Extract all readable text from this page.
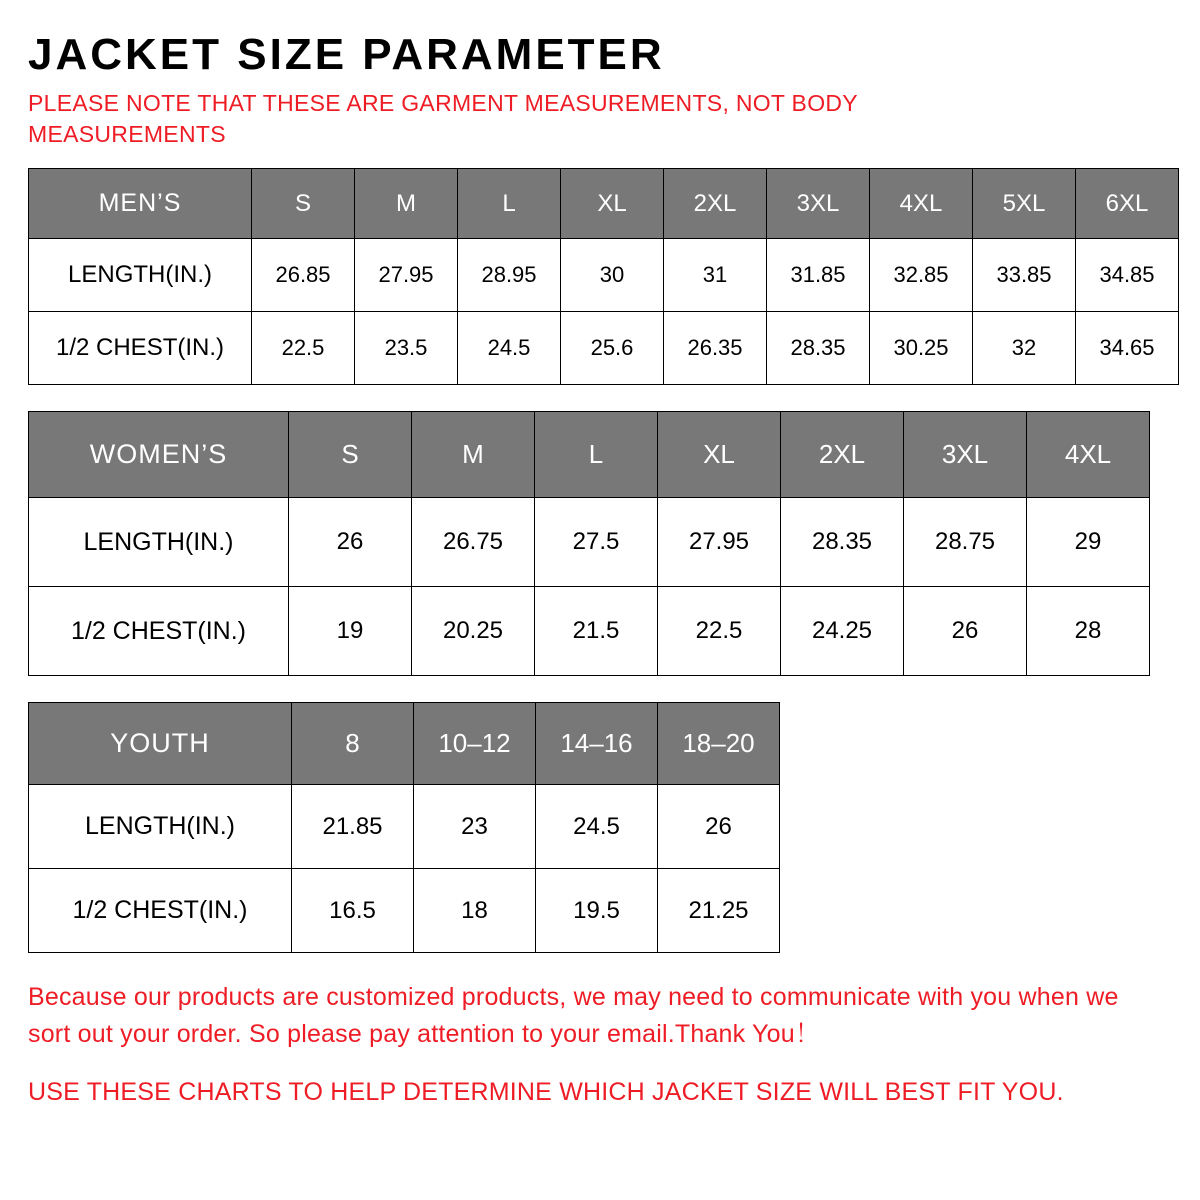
JACKET SIZE PARAMETER
PLEASE NOTE THAT THESE ARE GARMENT MEASUREMENTS, NOT BODY MEASUREMENTS
MEN’S	S	M	L	XL	2XL	3XL	4XL	5XL	6XL
LENGTH(IN.)	26.85	27.95	28.95	30	31	31.85	32.85	33.85	34.85
1/2 CHEST(IN.)	22.5	23.5	24.5	25.6	26.35	28.35	30.25	32	34.65
WOMEN’S	S	M	L	XL	2XL	3XL	4XL
LENGTH(IN.)	26	26.75	27.5	27.95	28.35	28.75	29
1/2 CHEST(IN.)	19	20.25	21.5	22.5	24.25	26	28
YOUTH	8	10–12	14–16	18–20
LENGTH(IN.)	21.85	23	24.5	26
1/2 CHEST(IN.)	16.5	18	19.5	21.25
Because our products are customized products, we may need to communicate with you when we sort out your order. So please pay attention to your email.Thank You！
USE THESE CHARTS TO HELP DETERMINE WHICH JACKET SIZE WILL BEST FIT YOU.
